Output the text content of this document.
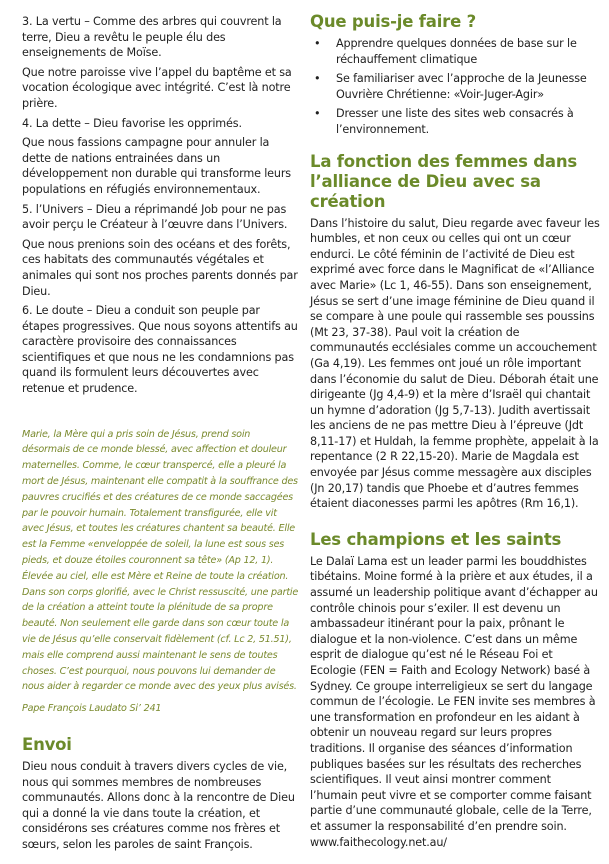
3. La vertu – Comme des arbres qui couvrent la terre, Dieu a revêtu le peuple élu des enseignements de Moïse.

Que notre paroisse vive l’appel du baptême et sa vocation écologique avec intégrité. C’est là notre prière.

4. La dette – Dieu favorise les opprimés.

Que nous fassions campagne pour annuler la dette de nations entrainées dans un développement non durable qui transforme leurs populations en réfugiés environnementaux.

5. l’Univers – Dieu a réprimandé Job pour ne pas avoir perçu le Créateur à l’œuvre dans l’Univers.

Que nous prenions soin des océans et des forêts, ces habitats des communautés végétales et animales qui sont nos proches parents donnés par Dieu.

6. Le doute – Dieu a conduit son peuple par étapes progressives. Que nous soyons attentifs au caractère provisoire des connaissances scientifiques et que nous ne les condamnions pas quand ils formulent leurs découvertes avec retenue et prudence.

Marie, la Mère qui a pris soin de Jésus, prend soin désormais de ce monde blessé, avec affection et douleur maternelles. Comme, le cœur transpercé, elle a pleuré la mort de Jésus, maintenant elle compatit à la souffrance des pauvres crucifiés et des créatures de ce monde saccagées par le pouvoir humain. Totalement transfigurée, elle vit avec Jésus, et toutes les créatures chantent sa beauté. Elle est la Femme «enveloppée de soleil, la lune est sous ses pieds, et douze étoiles couronnent sa tête» (Ap 12, 1). Élevée au ciel, elle est Mère et Reine de toute la création. Dans son corps glorifié, avec le Christ ressuscité, une partie de la création a atteint toute la plénitude de sa propre beauté. Non seulement elle garde dans son cœur toute la vie de Jésus qu’elle conservait fidèlement (cf. Lc 2, 51.51), mais elle comprend aussi maintenant le sens de toutes choses. C’est pourquoi, nous pouvons lui demander de nous aider à regarder ce monde avec des yeux plus avisés.

Pape François Laudato Si’ 241

Envoi

Dieu nous conduit à travers divers cycles de vie, nous qui sommes membres de nombreuses communautés. Allons donc à la rencontre de Dieu qui a donné la vie dans toute la création, et considérons ses créatures comme nos frères et sœurs, selon les paroles de saint François.

Que puis-je faire ?
• Apprendre quelques données de base sur le réchauffement climatique
• Se familiariser avec l’approche de la Jeunesse Ouvrière Chrétienne: «Voir-Juger-Agir»
• Dresser une liste des sites web consacrés à l’environnement.
La fonction des femmes dans l’alliance de Dieu avec sa création

Dans l’histoire du salut, Dieu regarde avec faveur les humbles, et non ceux ou celles qui ont un cœur endurci. Le côté féminin de l’activité de Dieu est exprimé avec force dans le Magnificat de «l’Alliance avec Marie» (Lc 1, 46-55). Dans son enseignement, Jésus se sert d’une image féminine de Dieu quand il se compare à une poule qui rassemble ses poussins (Mt 23, 37-38). Paul voit la création de communautés ecclésiales comme un accouchement (Ga 4,19). Les femmes ont joué un rôle important dans l’économie du salut de Dieu. Déborah était une dirigeante (Jg 4,4-9) et la mère d’Israël qui chantait un hymne d’adoration (Jg 5,7-13). Judith avertissait les anciens de ne pas mettre Dieu à l’épreuve (Jdt 8,11-17) et Huldah, la femme prophète, appelait à la repentance (2 R 22,15-20). Marie de Magdala est envoyée par Jésus comme messagère aux disciples (Jn 20,17) tandis que Phoebe et d’autres femmes étaient diaconesses parmi les apôtres (Rm 16,1).

Les champions et les saints

Le Dalaï Lama est un leader parmi les bouddhistes tibétains. Moine formé à la prière et aux études, il a assumé un leadership politique avant d’échapper au contrôle chinois pour s’exiler. Il est devenu un ambassadeur itinérant pour la paix, prônant le dialogue et la non-violence. C’est dans un même esprit de dialogue qu’est né le Réseau Foi et Ecologie (FEN = Faith and Ecology Network) basé à Sydney. Ce groupe interreligieux se sert du langage commun de l’écologie. Le FEN invite ses membres à une transformation en profondeur en les aidant à obtenir un nouveau regard sur leurs propres traditions. Il organise des séances d’information publiques basées sur les résultats des recherches scientifiques. Il veut ainsi montrer comment l’humain peut vivre et se comporter comme faisant partie d’une communauté globale, celle de la Terre, et assumer la responsabilité d’en prendre soin. www.faithecology.net.au/
